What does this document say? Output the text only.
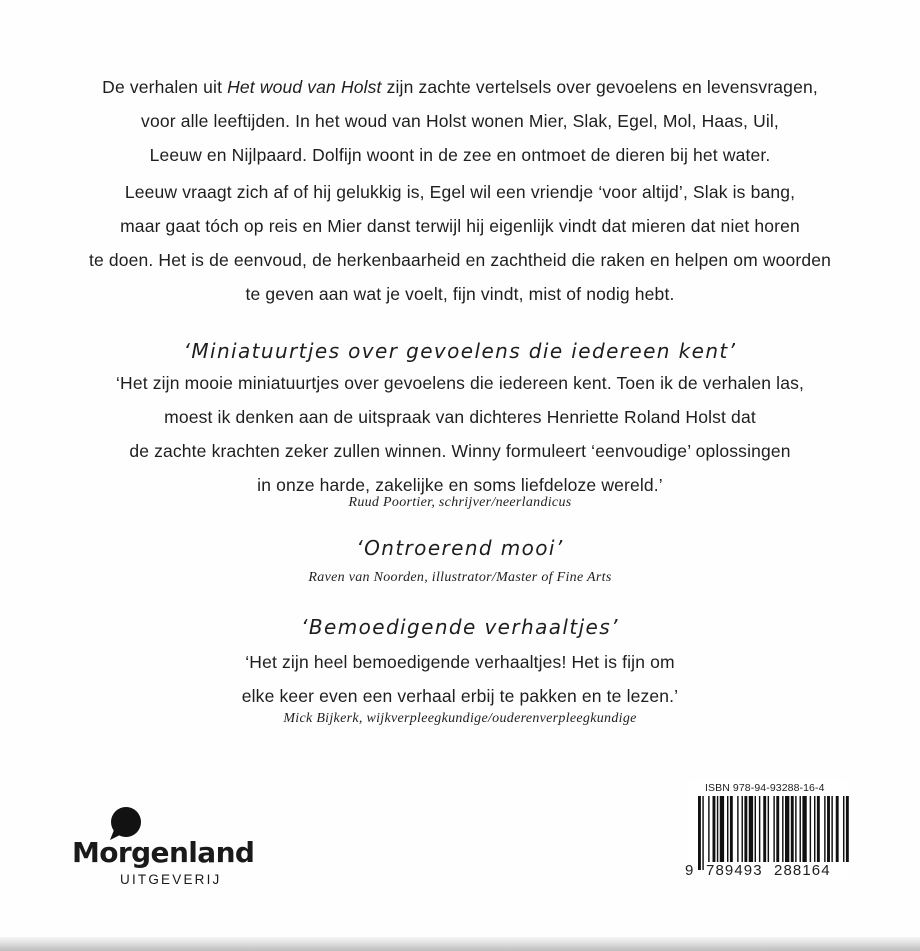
De verhalen uit Het woud van Holst zijn zachte vertelsels over gevoelens en levensvragen,
voor alle leeftijden. In het woud van Holst wonen Mier, Slak, Egel, Mol, Haas, Uil,
Leeuw en Nijlpaard. Dolfijn woont in de zee en ontmoet de dieren bij het water.
Leeuw vraagt zich af of hij gelukkig is, Egel wil een vriendje ‘voor altijd’, Slak is bang,
maar gaat tóch op reis en Mier danst terwijl hij eigenlijk vindt dat mieren dat niet horen
te doen. Het is de eenvoud, de herkenbaarheid en zachtheid die raken en helpen om woorden
te geven aan wat je voelt, fijn vindt, mist of nodig hebt.
‘Miniatuurtjes over gevoelens die iedereen kent’
‘Het zijn mooie miniatuurtjes over gevoelens die iedereen kent. Toen ik de verhalen las,
moest ik denken aan de uitspraak van dichteres Henriette Roland Holst dat
de zachte krachten zeker zullen winnen. Winny formuleert ‘eenvoudige’ oplossingen
in onze harde, zakelijke en soms liefdeloze wereld.’
Ruud Poortier, schrijver/neerlandicus
‘Ontroerend mooi’
Raven van Noorden, illustrator/Master of Fine Arts
‘Bemoedigende verhaaltjes’
‘Het zijn heel bemoedigende verhaaltjes! Het is fijn om
elke keer even een verhaal erbij te pakken en te lezen.’
Mick Bijkerk, wijkverpleegkundige/ouderenverpleegkundige
Morgenland
UITGEVERIJ
ISBN 978-94-93288-16-4
9 789493 288164
